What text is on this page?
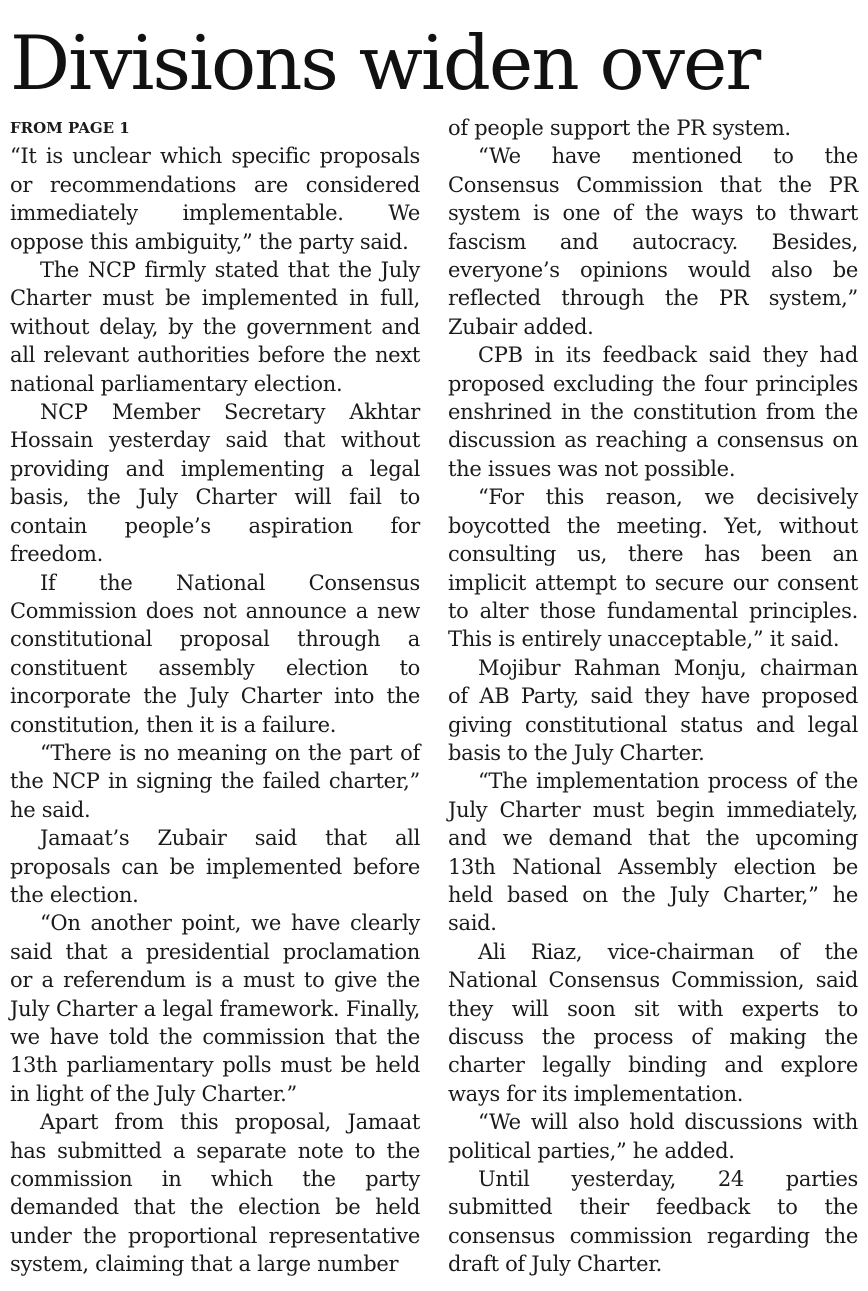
Divisions widen over
FROM PAGE 1

“It is unclear which specific proposals or recommendations are considered immediately implementable. We oppose this ambiguity,” the party said.

The NCP firmly stated that the July Charter must be implemented in full, without delay, by the government and all relevant authorities before the next national parliamentary election.

NCP Member Secretary Akhtar Hossain yesterday said that without providing and implementing a legal basis, the July Charter will fail to contain people’s aspiration for freedom.

If the National Consensus Commission does not announce a new constitutional proposal through a constituent assembly election to incorporate the July Charter into the constitution, then it is a failure.

“There is no meaning on the part of the NCP in signing the failed charter,” he said.

Jamaat’s Zubair said that all proposals can be implemented before the election.

“On another point, we have clearly said that a presidential proclamation or a referendum is a must to give the July Charter a legal framework. Finally, we have told the commission that the 13th parliamentary polls must be held in light of the July Charter.”

Apart from this proposal, Jamaat has submitted a separate note to the commission in which the party demanded that the election be held under the proportional representative system, claiming that a large number

of people support the PR system.

“We have mentioned to the Consensus Commission that the PR system is one of the ways to thwart fascism and autocracy. Besides, everyone’s opinions would also be reflected through the PR system,” Zubair added.

CPB in its feedback said they had proposed excluding the four principles enshrined in the constitution from the discussion as reaching a consensus on the issues was not possible.

“For this reason, we decisively boycotted the meeting. Yet, without consulting us, there has been an implicit attempt to secure our consent to alter those fundamental principles. This is entirely unacceptable,” it said.

Mojibur Rahman Monju, chairman of AB Party, said they have proposed giving constitutional status and legal basis to the July Charter.

“The implementation process of the July Charter must begin immediately, and we demand that the upcoming 13th National Assembly election be held based on the July Charter,” he said.

Ali Riaz, vice-chairman of the National Consensus Commission, said they will soon sit with experts to discuss the process of making the charter legally binding and explore ways for its implementation.

“We will also hold discussions with political parties,” he added.

Until yesterday, 24 parties submitted their feedback to the consensus commission regarding the draft of July Charter.
